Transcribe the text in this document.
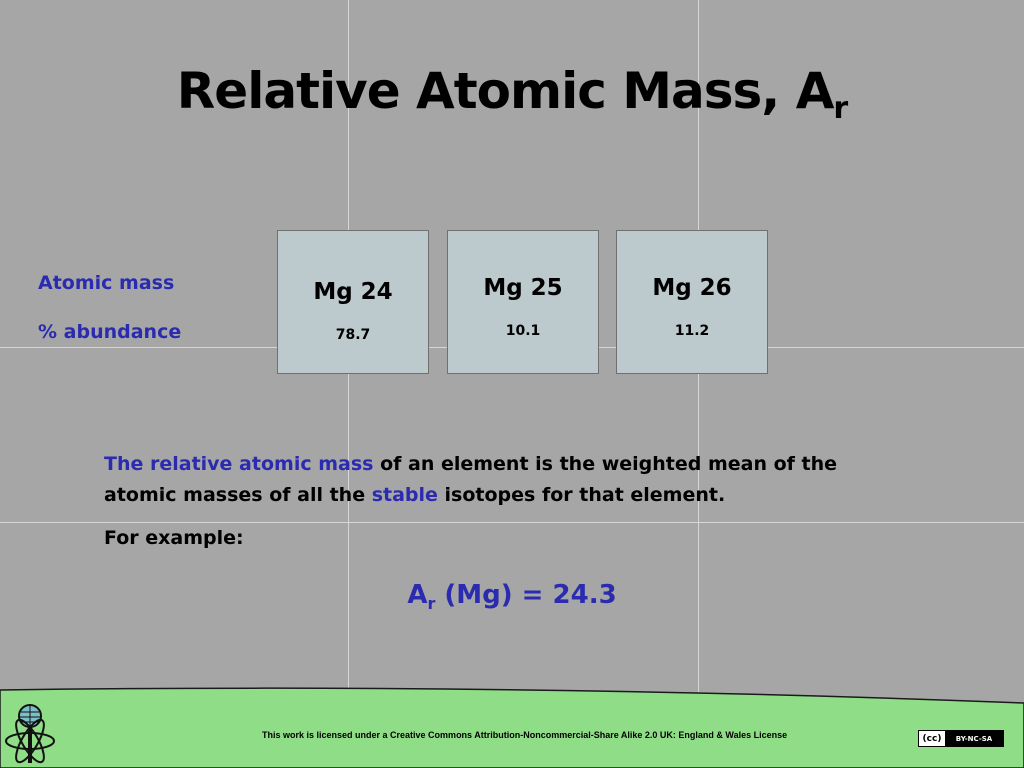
Relative Atomic Mass, $A_r$
Atomic mass
% abundance
Mg 24
78.7
Mg 25
10.1
Mg 26
11.2
The relative atomic mass of an element is the weighted mean of the atomic masses of all the stable isotopes for that element.
For example:
$A_r$ (Mg) = 24.3
This work is licensed under a Creative Commons Attribution-Noncommercial-Share Alike 2.0 UK: England & Wales License	(cc)	BY-NC-SA
